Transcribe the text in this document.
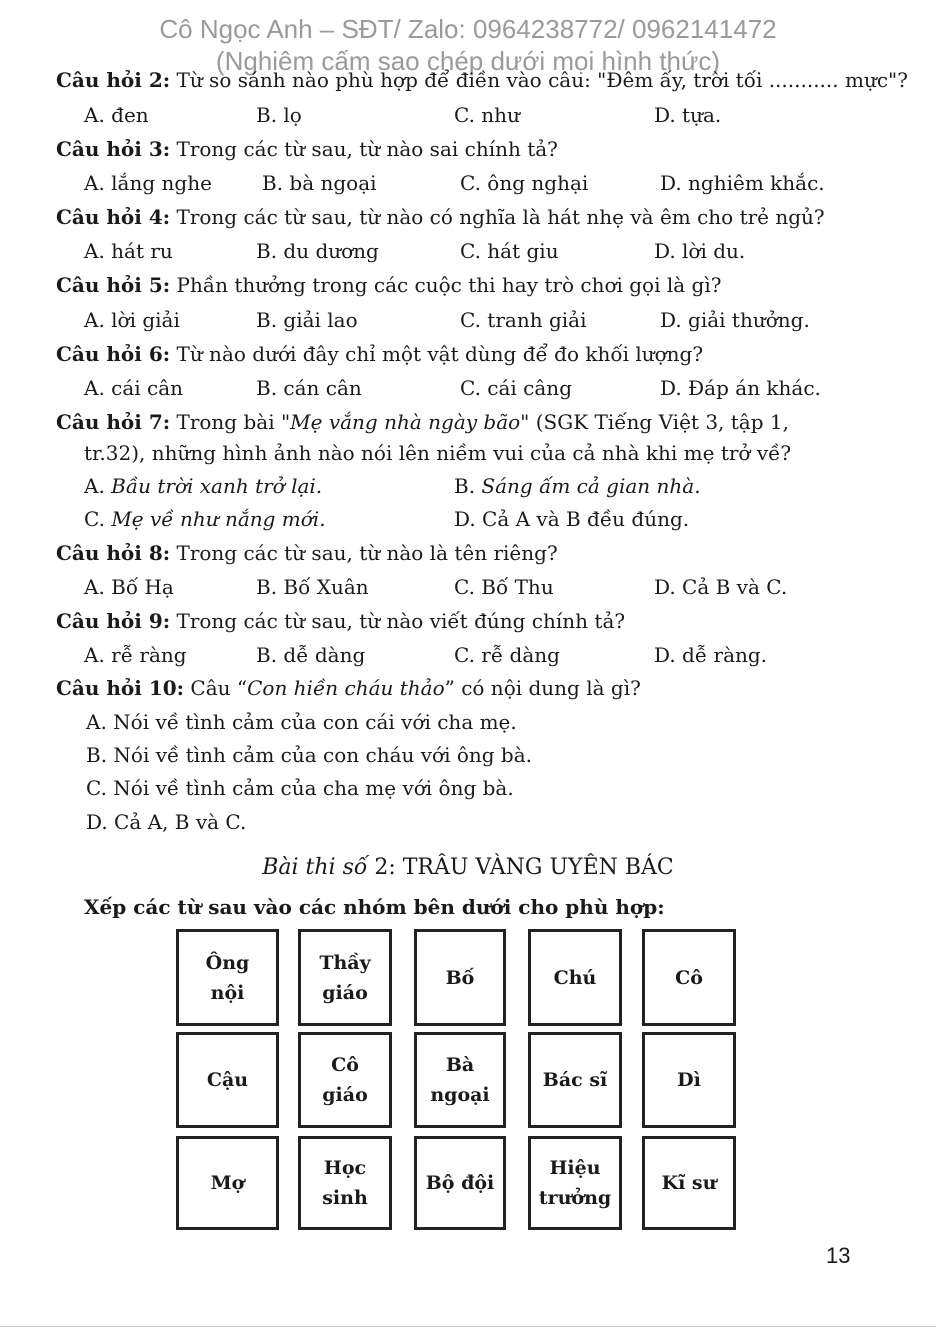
Cô Ngọc Anh – SĐT/ Zalo: 0964238772/ 0962141472
(Nghiêm cấm sao chép dưới mọi hình thức)
Câu hỏi 2: Từ so sánh nào phù hợp để điền vào câu: "Đêm ấy, trời tối ........... mực"?
A. đen	B. lọ	C. như	D. tựa.
Câu hỏi 3: Trong các từ sau, từ nào sai chính tả?
A. lắng nghe	B. bà ngoại	C. ông nghại	D. nghiêm khắc.
Câu hỏi 4: Trong các từ sau, từ nào có nghĩa là hát nhẹ và êm cho trẻ ngủ?
A. hát ru	B. du dương	C. hát giu	D. lời du.
Câu hỏi 5: Phần thưởng trong các cuộc thi hay trò chơi gọi là gì?
A. lời giải	B. giải lao	C. tranh giải	D. giải thưởng.
Câu hỏi 6: Từ nào dưới đây chỉ một vật dùng để đo khối lượng?
A. cái cân	B. cán cân	C. cái câng	D. Đáp án khác.
Câu hỏi 7: Trong bài "Mẹ vắng nhà ngày bão" (SGK Tiếng Việt 3, tập 1,
tr.32), những hình ảnh nào nói lên niềm vui của cả nhà khi mẹ trở về?
A. Bầu trời xanh trở lại.	B. Sáng ấm cả gian nhà.
C. Mẹ về như nắng mới.	D. Cả A và B đều đúng.
Câu hỏi 8: Trong các từ sau, từ nào là tên riêng?
A. Bố Hạ	B. Bố Xuân	C. Bố Thu	D. Cả B và C.
Câu hỏi 9: Trong các từ sau, từ nào viết đúng chính tả?
A. rễ ràng	B. dễ dàng	C. rễ dàng	D. dễ ràng.
Câu hỏi 10: Câu “Con hiền cháu thảo” có nội dung là gì?
A. Nói về tình cảm của con cái với cha mẹ.
B. Nói về tình cảm của con cháu với ông bà.
C. Nói về tình cảm của cha mẹ với ông bà.
D. Cả A, B và C.
Bài thi số 2: TRÂU VÀNG UYÊN BÁC
Xếp các từ sau vào các nhóm bên dưới cho phù hợp:
Ông
nội
Thầy
giáo
Bố	Chú	Cô
Cậu
Cô
giáo
Bà
ngoại
Bác sĩ	Dì
Mợ
Học
sinh
Bộ đội
Hiệu
trưởng
Kĩ sư
13
